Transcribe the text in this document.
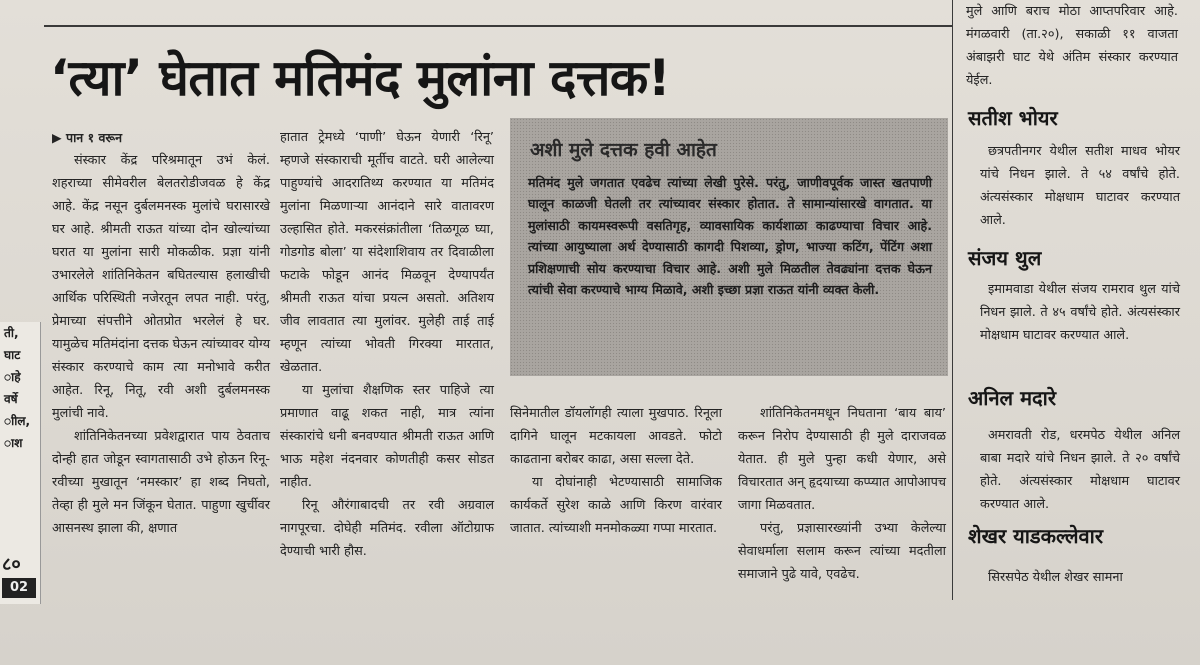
‘त्या’ घेतात मतिमंद मुलांना दत्तक!
ती,
घाट
ाहे
वर्षे
ाील,
ाश
८०
02

▶ पान १ वरून

संस्कार केंद्र परिश्रमातून उभं केलं. शहराच्या सीमेवरील बेलतरोडीजवळ हे केंद्र आहे. केंद्र नसून दुर्बलमनस्क मुलांचे घरासारखे घर आहे. श्रीमती राऊत यांच्या दोन खोल्यांच्या घरात या मुलांना सारी मोकळीक. प्रज्ञा यांनी उभारलेले शांतिनिकेतन बघितल्यास हलाखीची आर्थिक परिस्थिती नजेरतून लपत नाही. परंतु, प्रेमाच्या संपत्तीने ओतप्रोत भरलेलं हे घर. यामुळेच मतिमंदांना दत्तक घेऊन त्यांच्यावर योग्य संस्कार करण्याचे काम त्या मनोभावे करीत आहेत. रिनू, नितू, रवी अशी दुर्बलमनस्क मुलांची नावे.

शांतिनिकेतनच्या प्रवेशद्वारात पाय ठेवताच दोन्ही हात जोडून स्वागतासाठी उभे होऊन रिनू-रवीच्या मुखातून ‘नमस्कार’ हा शब्द निघतो, तेव्हा ही मुले मन जिंकून घेतात. पाहुणा खुर्चीवर आसनस्थ झाला की, क्षणात

हातात ट्रेमध्ये ‘पाणी’ घेऊन येणारी ‘रिनू’ म्हणजे संस्काराची मूर्तीच वाटते. घरी आलेल्या पाहुण्यांचे आदरातिथ्य करण्यात या मतिमंद मुलांना मिळणाऱ्या आनंदाने सारे वातावरण उल्हासित होते. मकरसंक्रांतीला ‘तिळगूळ घ्या, गोडगोड बोला’ या संदेशाशिवाय तर दिवाळीला फटाके फोडून आनंद मिळवून देण्यापर्यंत श्रीमती राऊत यांचा प्रयत्न असतो. अतिशय जीव लावतात त्या मुलांवर. मुलेही ताई ताई म्हणून त्यांच्या भोवती गिरक्या मारतात, खेळतात.

या मुलांचा शैक्षणिक स्तर पाहिजे त्या प्रमाणात वाढू शकत नाही, मात्र त्यांना संस्कारांचे धनी बनवण्यात श्रीमती राऊत आणि भाऊ महेश नंदनवार कोणतीही कसर सोडत नाहीत.

रिनू औरंगाबादची तर रवी अग्रवाल नागपूरचा. दोघेही मतिमंद. रवीला ऑटोग्राफ देण्याची भारी हौस.

अशी मुले दत्तक हवी आहेत
मतिमंद मुले जगतात एवढेच त्यांच्या लेखी पुरेसे. परंतु, जाणीवपूर्वक जास्त खतपाणी घालून काळजी घेतली तर त्यांच्यावर संस्कार होतात. ते सामान्यांसारखे वागतात. या मुलांसाठी कायमस्वरूपी वसतिगृह, व्यावसायिक कार्यशाळा काढण्याचा विचार आहे. त्यांच्या आयुष्याला अर्थ देण्यासाठी कागदी पिशव्या, ड्रोण, भाज्या कटिंग, पेंटिंग अशा प्रशिक्षणाची सोय करण्याचा विचार आहे. अशी मुले मिळतील तेवढ्यांना दत्तक घेऊन त्यांची सेवा करण्याचे भाग्य मिळावे, अशी इच्छा प्रज्ञा राऊत यांनी व्यक्त केली.

सिनेमातील डॉयलॉगही त्याला मुखपाठ. रिनूला दागिने घालून मटकायला आवडते. फोटो काढताना बरोबर काढा, असा सल्ला देते.

या दोघांनाही भेटण्यासाठी सामाजिक कार्यकर्ते सुरेश काळे आणि किरण वारंवार जातात. त्यांच्याशी मनमोकळ्या गप्पा मारतात.

शांतिनिकेतनमधून निघताना ‘बाय बाय’ करून निरोप देण्यासाठी ही मुले दाराजवळ येतात. ही मुले पुन्हा कधी येणार, असे विचारतात अन् हृदयाच्या कप्प्यात आपोआपच जागा मिळवतात.

परंतु, प्रज्ञासारख्यांनी उभ्या केलेल्या सेवाधर्माला सलाम करून त्यांच्या मदतीला समाजाने पुढे यावे, एवढेच.

मुले आणि बराच मोठा आप्तपरिवार आहे. मंगळवारी (ता.२०), सकाळी ११ वाजता अंबाझरी घाट येथे अंतिम संस्कार करण्यात येईल.
सतीश भोयर
छत्रपतीनगर येथील सतीश माधव भोयर यांचे निधन झाले. ते ५४ वर्षांचे होते. अंत्यसंस्कार मोक्षधाम घाटावर करण्यात आले.
संजय थुल
इमामवाडा येथील संजय रामराव थुल यांचे निधन झाले. ते ४५ वर्षांचे होते. अंत्यसंस्कार मोक्षधाम घाटावर करण्यात आले.
अनिल मदारे
अमरावती रोड, धरमपेठ येथील अनिल बाबा मदारे यांचे निधन झाले. ते २० वर्षांचे होते. अंत्यसंस्कार मोक्षधाम घाटावर करण्यात आले.
शेखर याडकल्लेवार
सिरसपेठ येथील शेखर सामना
